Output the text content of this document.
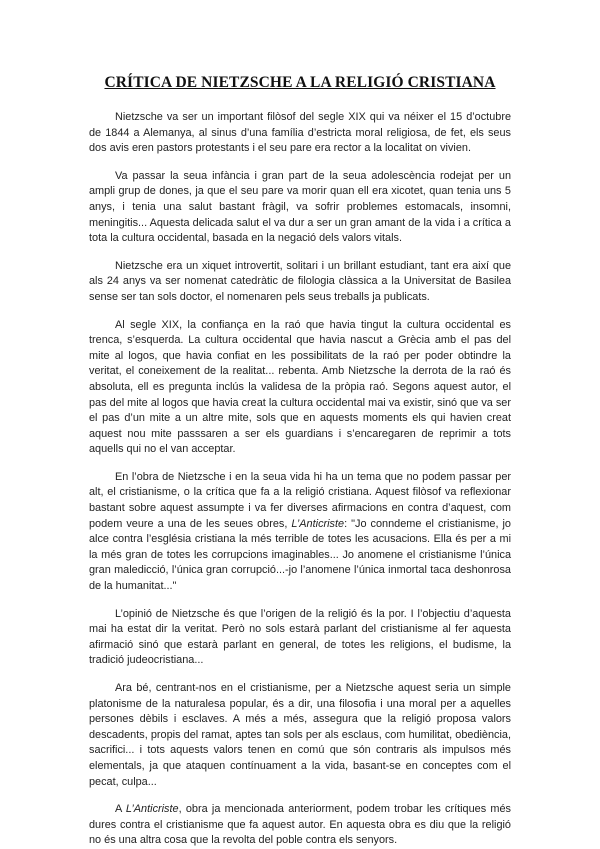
CRÍTICA DE NIETZSCHE A LA RELIGIÓ CRISTIANA

Nietzsche va ser un important filòsof del segle XIX qui va néixer el 15 d’octubre de 1844 a Alemanya, al sinus d’una família d’estricta moral religiosa, de fet, els seus dos avis eren pastors protestants i el seu pare era rector a la localitat on vivien.

Va passar la seua infància i gran part de la seua adolescència rodejat per un ampli grup de dones, ja que el seu pare va morir quan ell era xicotet, quan tenia uns 5 anys, i tenia una salut bastant fràgil, va sofrir problemes estomacals, insomni, meningitis... Aquesta delicada salut el va dur a ser un gran amant de la vida i a crítica a tota la cultura occidental, basada en la negació dels valors vitals.

Nietzsche era un xiquet introvertit, solitari i un brillant estudiant, tant era així que als 24 anys va ser nomenat catedràtic de filologia clàssica a la Universitat de Basilea sense ser tan sols doctor, el nomenaren pels seus treballs ja publicats.

Al segle XIX, la confiança en la raó que havia tingut la cultura occidental es trenca, s’esquerda. La cultura occidental que havia nascut a Grècia amb el pas del mite al logos, que havia confiat en les possibilitats de la raó per poder obtindre la veritat, el coneixement de la realitat... rebenta. Amb Nietzsche la derrota de la raó és absoluta, ell es pregunta inclús la validesa de la pròpia raó. Segons aquest autor, el pas del mite al logos que havia creat la cultura occidental mai va existir, sinó que va ser el pas d’un mite a un altre mite, sols que en aquests moments els qui havien creat aquest nou mite passsaren a ser els guardians i s’encaregaren de reprimir a tots aquells qui no el van acceptar.

En l’obra de Nietzsche i en la seua vida hi ha un tema que no podem passar per alt, el cristianisme, o la crítica que fa a la religió cristiana. Aquest filòsof va reflexionar bastant sobre aquest assumpte i va fer diverses afirmacions en contra d’aquest, com podem veure a una de les seues obres, L’Anticriste: "Jo conndeme el cristianisme, jo alce contra l’església cristiana la més terrible de totes les acusacions. Ella és per a mi la més gran de totes les corrupcions imaginables... Jo anomene el cristianisme l’única gran maledicció, l’única gran corrupció...-jo l’anomene l’única inmortal taca deshonrosa de la humanitat..."

L’opinió de Nietzsche és que l’origen de la religió és la por. I l’objectiu d’aquesta mai ha estat dir la veritat. Però no sols estarà parlant del cristianisme al fer aquesta afirmació sinó que estarà parlant en general, de totes les religions, el budisme, la tradició judeocristiana...

Ara bé, centrant-nos en el cristianisme, per a Nietzsche aquest seria un simple platonisme de la naturalesa popular, és a dir, una filosofia i una moral per a aquelles persones dèbils i esclaves. A més a més, assegura que la religió proposa valors descadents, propis del ramat, aptes tan sols per als esclaus, com humilitat, obediència, sacrifici... i tots aquests valors tenen en comú que són contraris als impulsos més elementals, ja que ataquen contínuament a la vida, basant-se en conceptes com el pecat, culpa...

A L’Anticriste, obra ja mencionada anteriorment, podem trobar les crítiques més dures contra el cristianisme que fa aquest autor. En aquesta obra es diu que la religió no és una altra cosa que la revolta del poble contra els senyors.
